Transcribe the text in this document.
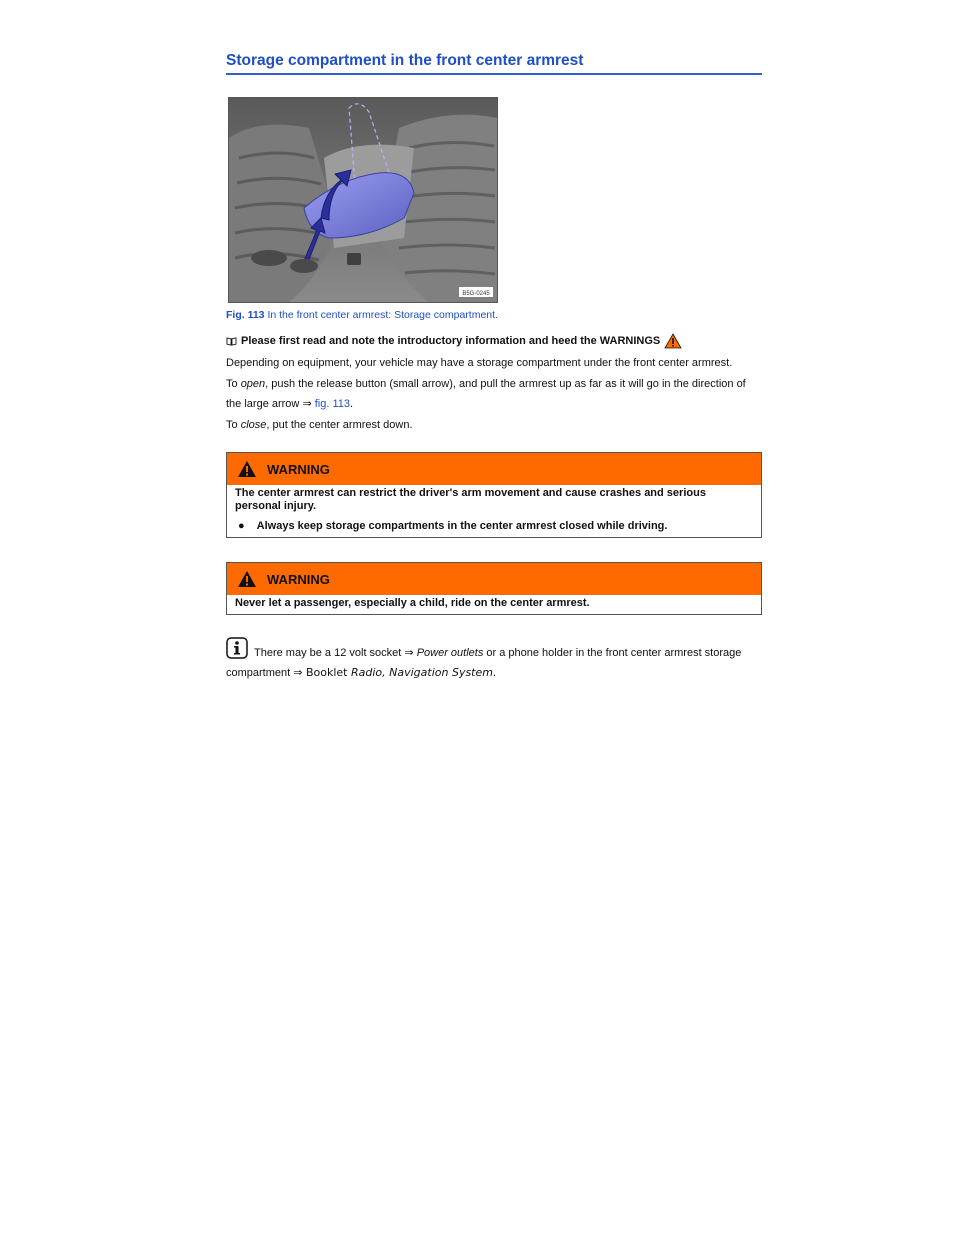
Storage compartment in the front center armrest
B5G-0245
Fig. 113 In the front center armrest: Storage compartment.
Please first read and note the introductory information and heed the WARNINGS

Depending on equipment, your vehicle may have a storage compartment under the front center armrest.

To open, push the release button (small arrow), and pull the armrest up as far as it will go in the direction of the large arrow ⇒ fig. 113.

To close, put the center armrest down.

WARNING
The center armrest can restrict the driver's arm movement and cause crashes and serious personal injury.
● Always keep storage compartments in the center armrest closed while driving.
WARNING
Never let a passenger, especially a child, ride on the center armrest.
There may be a 12 volt socket ⇒ Power outlets or a phone holder in the front center armrest storage compartment ⇒ Booklet Radio, Navigation System.
